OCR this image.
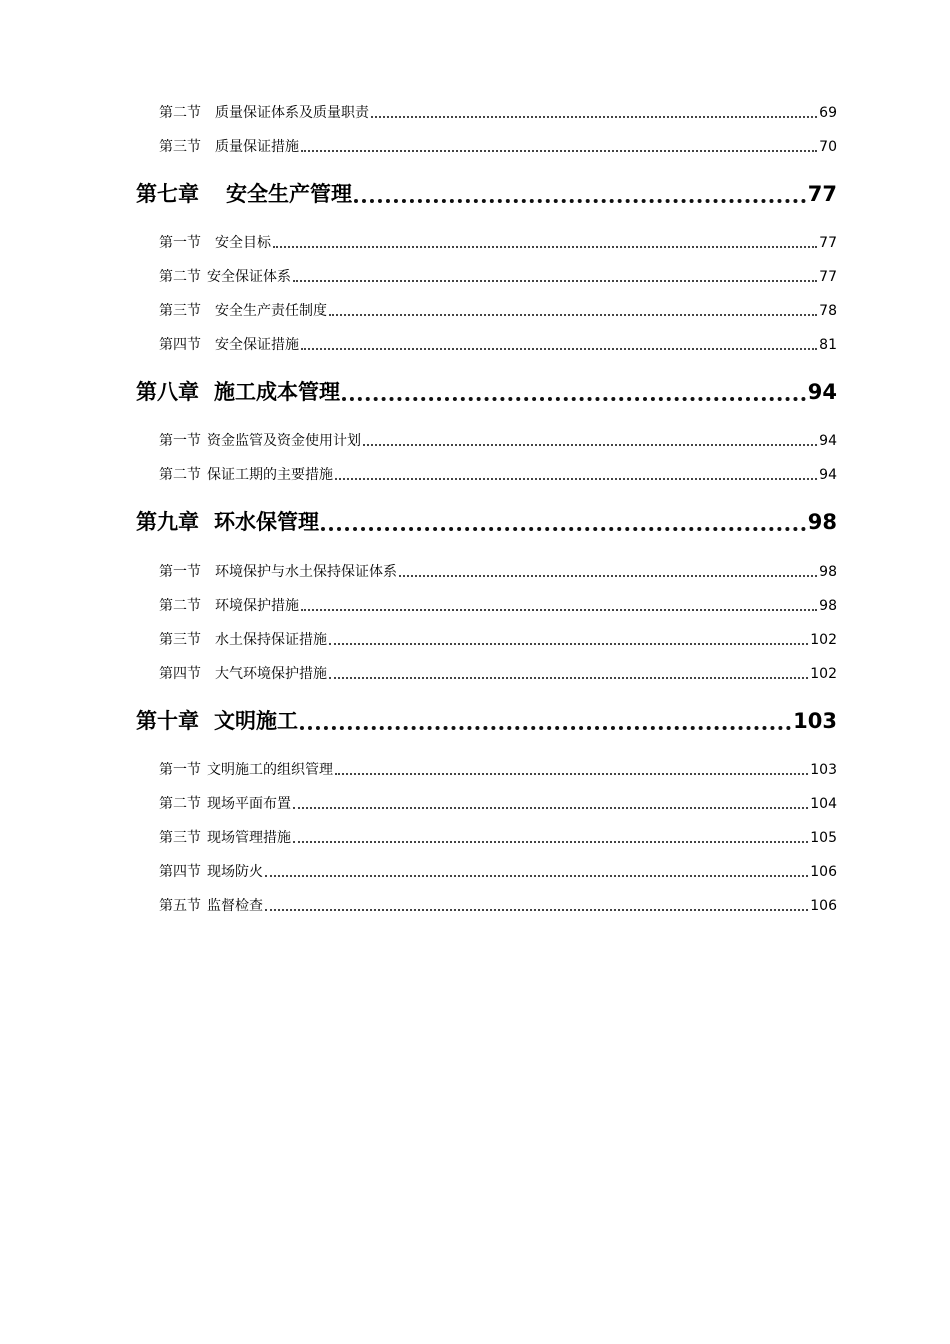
第二节	质量保证体系及质量职责	69
第三节	质量保证措施	70
第七章	安全生产管理	77
第一节	安全目标	77
第二节 安全保证体系	77
第三节	安全生产责任制度	78
第四节	安全保证措施	81
第八章 施工成本管理	94
第一节 资金监管及资金使用计划	94
第二节 保证工期的主要措施	94
第九章 环水保管理	98
第一节	环境保护与水土保持保证体系	98
第二节	环境保护措施	98
第三节	水土保持保证措施	102
第四节	大气环境保护措施	102
第十章 文明施工	103
第一节 文明施工的组织管理	103
第二节 现场平面布置	104
第三节 现场管理措施	105
第四节 现场防火	106
第五节 监督检查	106
